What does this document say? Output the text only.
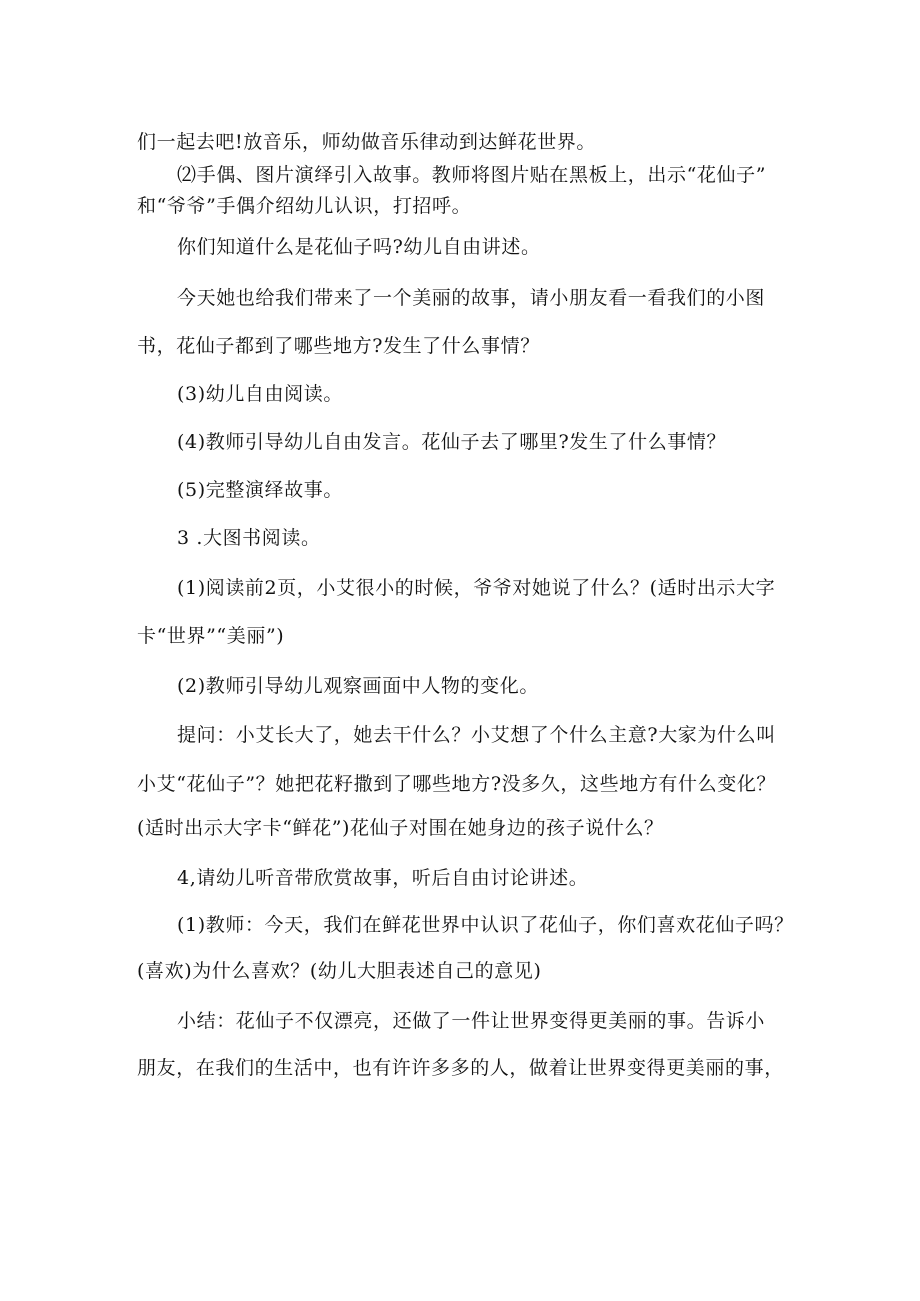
们一起去吧!放音乐，师幼做音乐律动到达鲜花世界。

⑵手偶、图片演绎引入故事。教师将图片贴在黑板上，出示“花仙子”

和“爷爷”手偶介绍幼儿认识，打招呼。

你们知道什么是花仙子吗?幼儿自由讲述。

今天她也给我们带来了一个美丽的故事，请小朋友看一看我们的小图

书，花仙子都到了哪些地方?发生了什么事情？

(3)幼儿自由阅读。

(4)教师引导幼儿自由发言。花仙子去了哪里?发生了什么事情？

(5)完整演绎故事。

3 .大图书阅读。

(1)阅读前2页，小艾很小的时候，爷爷对她说了什么？(适时出示大字

卡“世界”“美丽”)

(2)教师引导幼儿观察画面中人物的变化。

提问：小艾长大了，她去干什么？小艾想了个什么主意?大家为什么叫

小艾“花仙子”？她把花籽撒到了哪些地方?没多久，这些地方有什么变化？

(适时出示大字卡“鲜花”)花仙子对围在她身边的孩子说什么？

4,请幼儿听音带欣赏故事，听后自由讨论讲述。

(1)教师：今天，我们在鲜花世界中认识了花仙子，你们喜欢花仙子吗？

(喜欢)为什么喜欢？(幼儿大胆表述自己的意见)

小结：花仙子不仅漂亮，还做了一件让世界变得更美丽的事。告诉小

朋友，在我们的生活中，也有许许多多的人，做着让世界变得更美丽的事，
